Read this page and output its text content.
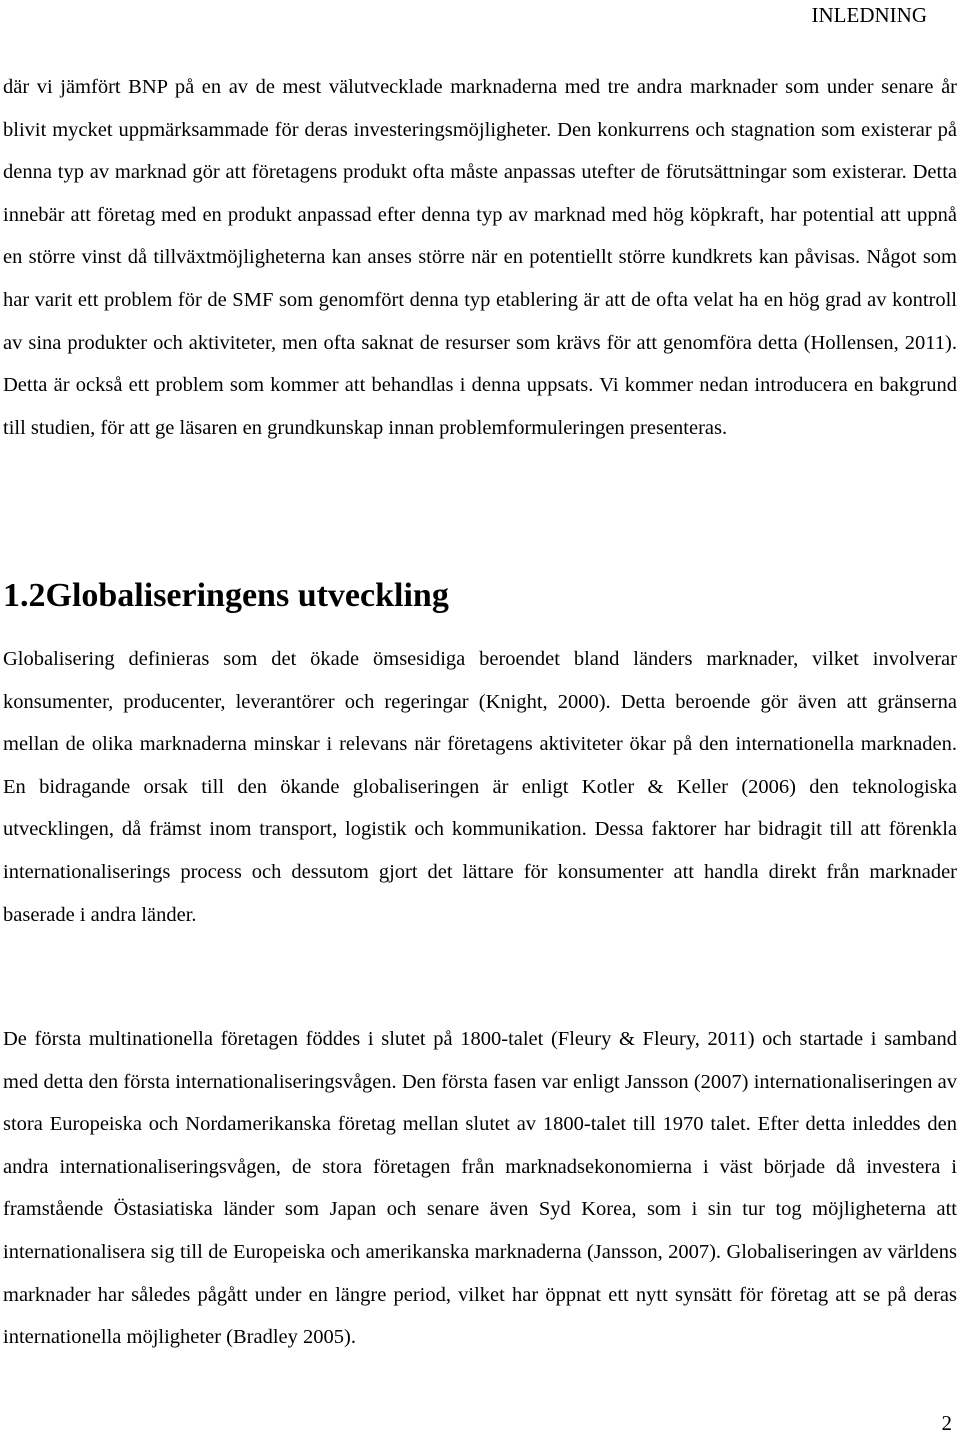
INLEDNING

där vi jämfört BNP på en av de mest välutvecklade marknaderna med tre andra marknader som under senare år blivit mycket uppmärksammade för deras investeringsmöjligheter. Den konkurrens och stagnation som existerar på denna typ av marknad gör att företagens produkt ofta måste anpassas utefter de förutsättningar som existerar. Detta innebär att företag med en produkt anpassad efter denna typ av marknad med hög köpkraft, har potential att uppnå en större vinst då tillväxtmöjligheterna kan anses större när en potentiellt större kundkrets kan påvisas. Något som har varit ett problem för de SMF som genomfört denna typ etablering är att de ofta velat ha en hög grad av kontroll av sina produkter och aktiviteter, men ofta saknat de resurser som krävs för att genomföra detta (Hollensen, 2011). Detta är också ett problem som kommer att behandlas i denna uppsats. Vi kommer nedan introducera en bakgrund till studien, för att ge läsaren en grundkunskap innan problemformuleringen presenteras.

1.2Globaliseringens utveckling

Globalisering definieras som det ökade ömsesidiga beroendet bland länders marknader, vilket involverar konsumenter, producenter, leverantörer och regeringar (Knight, 2000). Detta beroende gör även att gränserna mellan de olika marknaderna minskar i relevans när företagens aktiviteter ökar på den internationella marknaden. En bidragande orsak till den ökande globaliseringen är enligt Kotler & Keller (2006) den teknologiska utvecklingen, då främst inom transport, logistik och kommunikation. Dessa faktorer har bidragit till att förenkla internationaliserings process och dessutom gjort det lättare för konsumenter att handla direkt från marknader baserade i andra länder.

De första multinationella företagen föddes i slutet på 1800-talet (Fleury & Fleury, 2011) och startade i samband med detta den första internationaliseringsvågen. Den första fasen var enligt Jansson (2007) internationaliseringen av stora Europeiska och Nordamerikanska företag mellan slutet av 1800-talet till 1970 talet. Efter detta inleddes den andra internationaliseringsvågen, de stora företagen från marknadsekonomierna i väst började då investera i framstående Östasiatiska länder som Japan och senare även Syd Korea, som i sin tur tog möjligheterna att internationalisera sig till de Europeiska och amerikanska marknaderna (Jansson, 2007). Globaliseringen av världens marknader har således pågått under en längre period, vilket har öppnat ett nytt synsätt för företag att se på deras internationella möjligheter (Bradley 2005).

2
